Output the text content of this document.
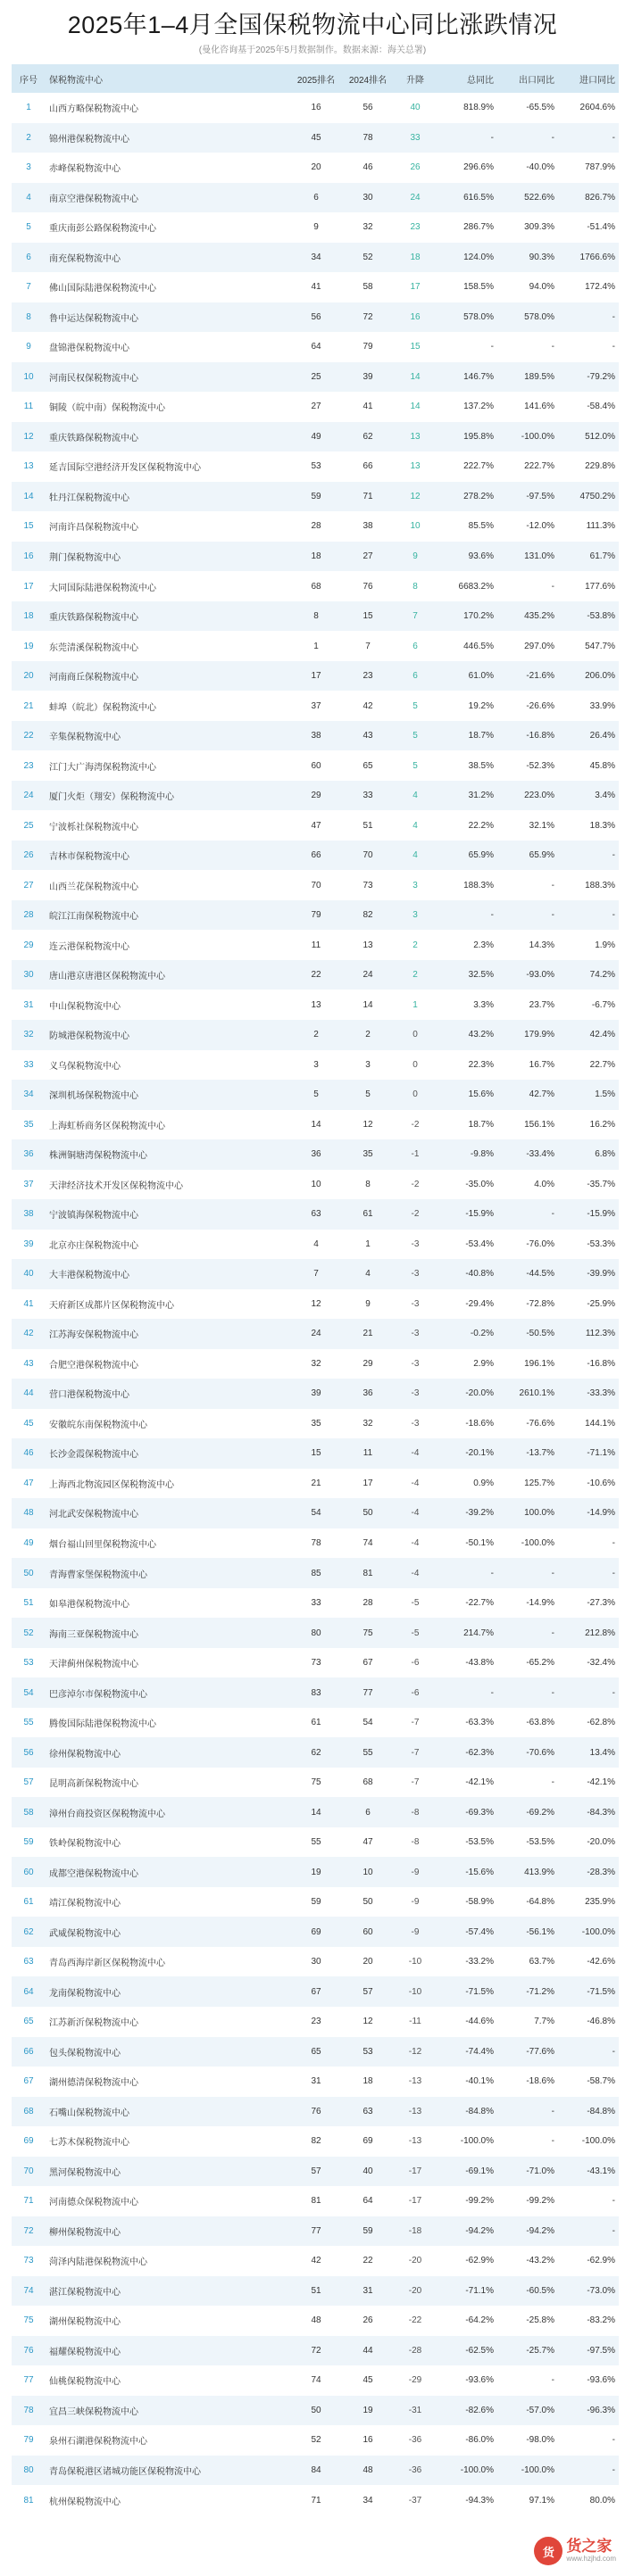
2025年1–4月全国保税物流中心同比涨跌情况
(曼化咨询基于2025年5月数据制作。数据来源：海关总署)
序号	保税物流中心	2025排名	2024排名	升降	总同比	出口同比	进口同比
1	山西方略保税物流中心	16	56	40	818.9%	-65.5%	2604.6%
2	锦州港保税物流中心	45	78	33	-	-	-
3	赤峰保税物流中心	20	46	26	296.6%	-40.0%	787.9%
4	南京空港保税物流中心	6	30	24	616.5%	522.6%	826.7%
5	重庆南彭公路保税物流中心	9	32	23	286.7%	309.3%	-51.4%
6	南充保税物流中心	34	52	18	124.0%	90.3%	1766.6%
7	佛山国际陆港保税物流中心	41	58	17	158.5%	94.0%	172.4%
8	鲁中运达保税物流中心	56	72	16	578.0%	578.0%	-
9	盘锦港保税物流中心	64	79	15	-	-	-
10	河南民权保税物流中心	25	39	14	146.7%	189.5%	-79.2%
11	铜陵（皖中南）保税物流中心	27	41	14	137.2%	141.6%	-58.4%
12	重庆铁路保税物流中心	49	62	13	195.8%	-100.0%	512.0%
13	延吉国际空港经济开发区保税物流中心	53	66	13	222.7%	222.7%	229.8%
14	牡丹江保税物流中心	59	71	12	278.2%	-97.5%	4750.2%
15	河南许昌保税物流中心	28	38	10	85.5%	-12.0%	111.3%
16	荆门保税物流中心	18	27	9	93.6%	131.0%	61.7%
17	大同国际陆港保税物流中心	68	76	8	6683.2%	-	177.6%
18	重庆铁路保税物流中心	8	15	7	170.2%	435.2%	-53.8%
19	东莞清溪保税物流中心	1	7	6	446.5%	297.0%	547.7%
20	河南商丘保税物流中心	17	23	6	61.0%	-21.6%	206.0%
21	蚌埠（皖北）保税物流中心	37	42	5	19.2%	-26.6%	33.9%
22	辛集保税物流中心	38	43	5	18.7%	-16.8%	26.4%
23	江门大广海湾保税物流中心	60	65	5	38.5%	-52.3%	45.8%
24	厦门火炬（翔安）保税物流中心	29	33	4	31.2%	223.0%	3.4%
25	宁波栎社保税物流中心	47	51	4	22.2%	32.1%	18.3%
26	吉林市保税物流中心	66	70	4	65.9%	65.9%	-
27	山西兰花保税物流中心	70	73	3	188.3%	-	188.3%
28	皖江江南保税物流中心	79	82	3	-	-	-
29	连云港保税物流中心	11	13	2	2.3%	14.3%	1.9%
30	唐山港京唐港区保税物流中心	22	24	2	32.5%	-93.0%	74.2%
31	中山保税物流中心	13	14	1	3.3%	23.7%	-6.7%
32	防城港保税物流中心	2	2	0	43.2%	179.9%	42.4%
33	义乌保税物流中心	3	3	0	22.3%	16.7%	22.7%
34	深圳机场保税物流中心	5	5	0	15.6%	42.7%	1.5%
35	上海虹桥商务区保税物流中心	14	12	-2	18.7%	156.1%	16.2%
36	株洲铜塘湾保税物流中心	36	35	-1	-9.8%	-33.4%	6.8%
37	天津经济技术开发区保税物流中心	10	8	-2	-35.0%	4.0%	-35.7%
38	宁波镇海保税物流中心	63	61	-2	-15.9%	-	-15.9%
39	北京亦庄保税物流中心	4	1	-3	-53.4%	-76.0%	-53.3%
40	大丰港保税物流中心	7	4	-3	-40.8%	-44.5%	-39.9%
41	天府新区成都片区保税物流中心	12	9	-3	-29.4%	-72.8%	-25.9%
42	江苏海安保税物流中心	24	21	-3	-0.2%	-50.5%	112.3%
43	合肥空港保税物流中心	32	29	-3	2.9%	196.1%	-16.8%
44	营口港保税物流中心	39	36	-3	-20.0%	2610.1%	-33.3%
45	安徽皖东南保税物流中心	35	32	-3	-18.6%	-76.6%	144.1%
46	长沙金霞保税物流中心	15	11	-4	-20.1%	-13.7%	-71.1%
47	上海西北物流园区保税物流中心	21	17	-4	0.9%	125.7%	-10.6%
48	河北武安保税物流中心	54	50	-4	-39.2%	100.0%	-14.9%
49	烟台福山回里保税物流中心	78	74	-4	-50.1%	-100.0%	-
50	青海曹家堡保税物流中心	85	81	-4	-	-	-
51	如皋港保税物流中心	33	28	-5	-22.7%	-14.9%	-27.3%
52	海南三亚保税物流中心	80	75	-5	214.7%	-	212.8%
53	天津蓟州保税物流中心	73	67	-6	-43.8%	-65.2%	-32.4%
54	巴彦淖尔市保税物流中心	83	77	-6	-	-	-
55	腾俊国际陆港保税物流中心	61	54	-7	-63.3%	-63.8%	-62.8%
56	徐州保税物流中心	62	55	-7	-62.3%	-70.6%	13.4%
57	昆明高新保税物流中心	75	68	-7	-42.1%	-	-42.1%
58	漳州台商投资区保税物流中心	14	6	-8	-69.3%	-69.2%	-84.3%
59	铁岭保税物流中心	55	47	-8	-53.5%	-53.5%	-20.0%
60	成都空港保税物流中心	19	10	-9	-15.6%	413.9%	-28.3%
61	靖江保税物流中心	59	50	-9	-58.9%	-64.8%	235.9%
62	武威保税物流中心	69	60	-9	-57.4%	-56.1%	-100.0%
63	青岛西海岸新区保税物流中心	30	20	-10	-33.2%	63.7%	-42.6%
64	龙南保税物流中心	67	57	-10	-71.5%	-71.2%	-71.5%
65	江苏新沂保税物流中心	23	12	-11	-44.6%	7.7%	-46.8%
66	包头保税物流中心	65	53	-12	-74.4%	-77.6%	-
67	湖州德清保税物流中心	31	18	-13	-40.1%	-18.6%	-58.7%
68	石嘴山保税物流中心	76	63	-13	-84.8%	-	-84.8%
69	七苏木保税物流中心	82	69	-13	-100.0%	-	-100.0%
70	黑河保税物流中心	57	40	-17	-69.1%	-71.0%	-43.1%
71	河南德众保税物流中心	81	64	-17	-99.2%	-99.2%	-
72	柳州保税物流中心	77	59	-18	-94.2%	-94.2%	-
73	菏泽内陆港保税物流中心	42	22	-20	-62.9%	-43.2%	-62.9%
74	湛江保税物流中心	51	31	-20	-71.1%	-60.5%	-73.0%
75	湖州保税物流中心	48	26	-22	-64.2%	-25.8%	-83.2%
76	福耀保税物流中心	72	44	-28	-62.5%	-25.7%	-97.5%
77	仙桃保税物流中心	74	45	-29	-93.6%	-	-93.6%
78	宜昌三峡保税物流中心	50	19	-31	-82.6%	-57.0%	-96.3%
79	泉州石湖港保税物流中心	52	16	-36	-86.0%	-98.0%	-
80	青岛保税港区诸城功能区保税物流中心	84	48	-36	-100.0%	-100.0%	-
81	杭州保税物流中心	71	34	-37	-94.3%	97.1%	80.0%
货 货之家
www.hzjhd.com
